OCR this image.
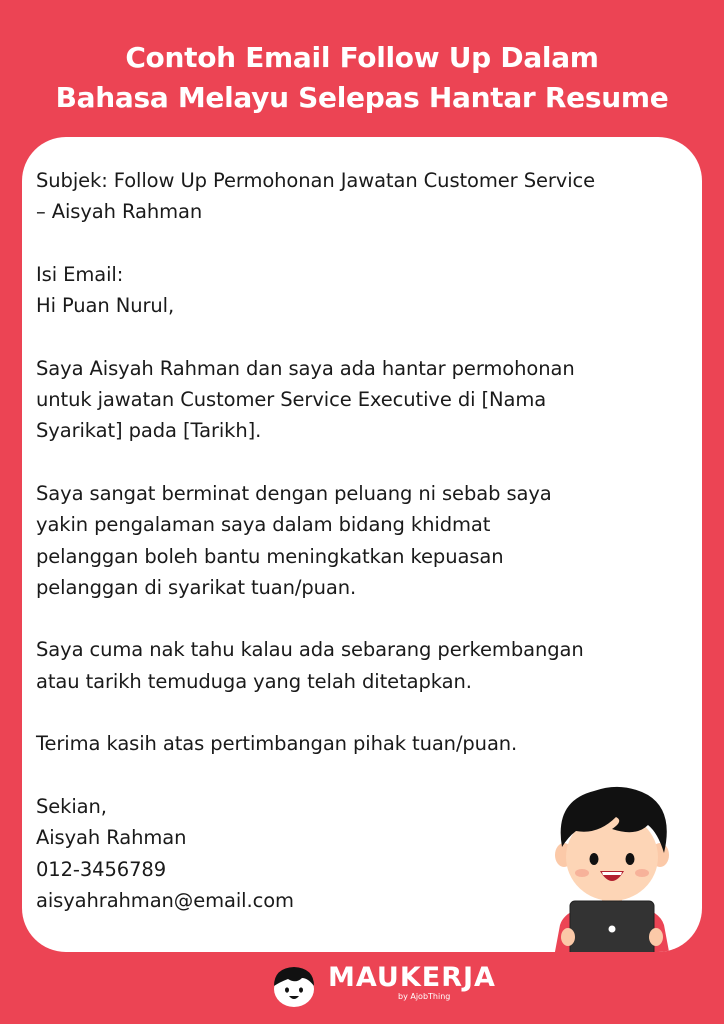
Contoh Email Follow Up Dalam
Bahasa Melayu Selepas Hantar Resume
Subjek: Follow Up Permohonan Jawatan Customer Service
– Aisyah Rahman
Isi Email:
Hi Puan Nurul,
Saya Aisyah Rahman dan saya ada hantar permohonan
untuk jawatan Customer Service Executive di [Nama
Syarikat] pada [Tarikh].
Saya sangat berminat dengan peluang ni sebab saya
yakin pengalaman saya dalam bidang khidmat
pelanggan boleh bantu meningkatkan kepuasan
pelanggan di syarikat tuan/puan.
Saya cuma nak tahu kalau ada sebarang perkembangan
atau tarikh temuduga yang telah ditetapkan.
Terima kasih atas pertimbangan pihak tuan/puan.
Sekian,
Aisyah Rahman
012-3456789
aisyahrahman@email.com
MAUKERJA
by AjobThing
